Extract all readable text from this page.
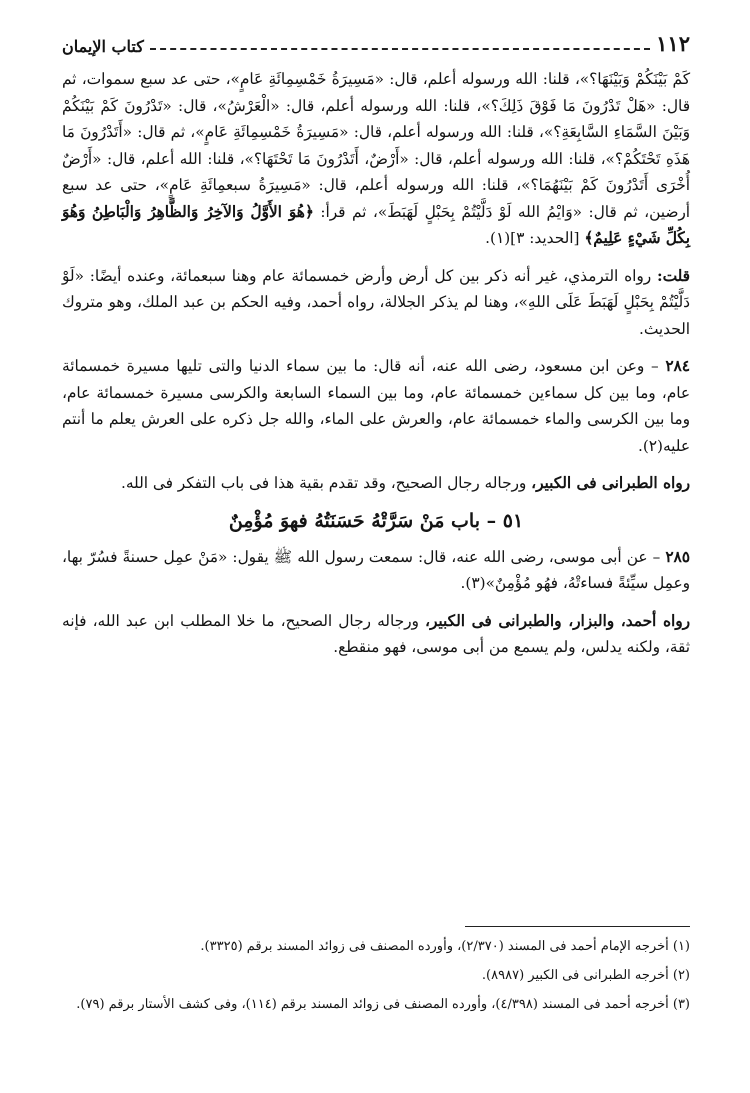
١١٢
كتاب الإيمان

كَمْ بَيْنَكُمْ وَبَيْنَهَا؟»، قلنا: الله ورسوله أعلم، قال: «مَسِيرَةُ خَمْسِمِائَةِ عَامٍ»، حتى عد سبع سموات، ثم قال: «هَلْ تَدْرُونَ مَا فَوْقَ ذَلِكَ؟»، قلنا: الله ورسوله أعلم، قال: «الْعَرْشُ»، قال: «تَدْرُونَ كَمْ بَيْنَكُمْ وَبَيْنَ السَّمَاءِ السَّابِعَةِ؟»، قلنا: الله ورسوله أعلم، قال: «مَسِيرَةُ خَمْسِمِائَةِ عَامٍ»، ثم قال: «أَتَدْرُونَ مَا هَذَهِ تَحْتَكُمْ؟»، قلنا: الله ورسوله أعلم، قال: «أَرْضٌ، أَتَدْرُونَ مَا تَحْتَهَا؟»، قلنا: الله أعلم، قال: «أَرْضٌ أُخْرَى أَتَدْرُونَ كَمْ بَيْنَهُمَا؟»، قلنا: الله ورسوله أعلم، قال: «مَسِيرَةُ سبعمِائَةِ عَامٍ»، حتى عد سبع أرضين، ثم قال: «وَايْمُ الله لَوْ دَلَّيْتُمْ بِحَبْلٍ لَهَبَطَ»، ثم قرأ: ﴿هُوَ الأَوَّلُ وَالآخِرُ وَالظَّاهِرُ وَالْبَاطِنُ وَهُوَ بِكُلِّ شَيْءٍ عَلِيمٌ﴾ [الحديد: ٣](١).

قلت: رواه الترمذي، غير أنه ذكر بين كل أرض وأرض خمسمائة عام وهنا سبعمائة، وعنده أيضًا: «لَوْ دَلَّيْتُمْ بِحَبْلٍ لَهَبَطَ عَلَى اللهِ»، وهنا لم يذكر الجلالة، رواه أحمد، وفيه الحكم بن عبد الملك، وهو متروك الحديث.

٢٨٤ – وعن ابن مسعود، رضى الله عنه، أنه قال: ما بين سماء الدنيا والتى تليها مسيرة خمسمائة عام، وما بين كل سماءين خمسمائة عام، وما بين السماء السابعة والكرسى مسيرة خمسمائة عام، وما بين الكرسى والماء خمسمائة عام، والعرش على الماء، والله جل ذكره على العرش يعلم ما أنتم عليه(٢).

رواه الطبرانى فى الكبير، ورجاله رجال الصحيح، وقد تقدم بقية هذا فى باب التفكر فى الله.

٥١ – باب مَنْ سَرَّتْهُ حَسَنَتُهُ فهوَ مُؤْمِنٌ

٢٨٥ – عن أبى موسى، رضى الله عنه، قال: سمعت رسول الله ﷺ يقول: «مَنْ عمِل حسنةً فسُرّ بها، وعمِل سيِّئةً فساءتْهُ، فهُو مُؤْمِنٌ»(٣).

رواه أحمد، والبزار، والطبرانى فى الكبير، ورجاله رجال الصحيح، ما خلا المطلب ابن عبد الله، فإنه ثقة، ولكنه يدلس، ولم يسمع من أبى موسى، فهو منقطع.

(١) أخرجه الإمام أحمد فى المسند (٢/٣٧٠)، وأورده المصنف فى زوائد المسند برقم (٣٣٢٥).

(٢) أخرجه الطبرانى فى الكبير (٨٩٨٧).

(٣) أخرجه أحمد فى المسند (٤/٣٩٨)، وأورده المصنف فى زوائد المسند برقم (١١٤)، وفى كشف الأستار برقم (٧٩).
